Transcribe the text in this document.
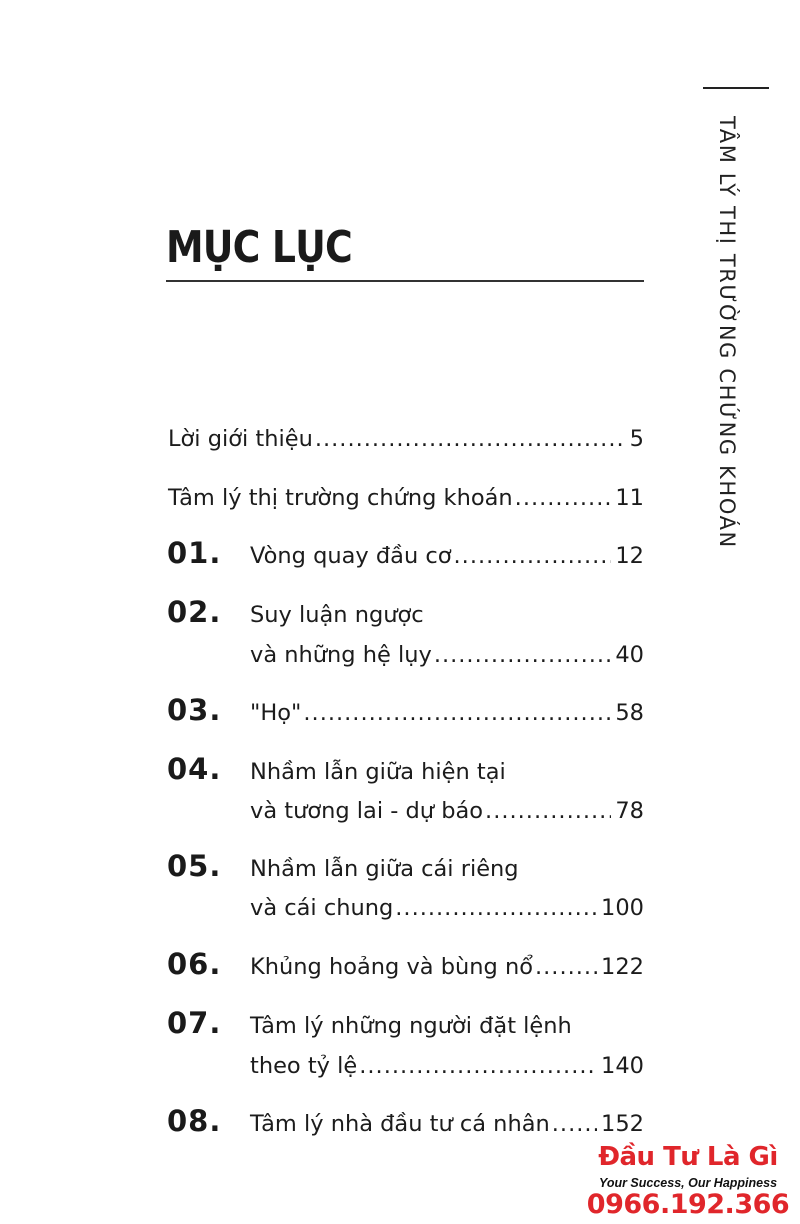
TÂM LÝ THỊ TRƯỜNG CHỨNG KHOÁN
MỤC LỤC
Lời giới thiệu .....	5
Tâm lý thị trường chứng khoán .....	11
01. Vòng quay đầu cơ .....	12
02. Suy luận ngược
và những hệ lụy .....	40
03. "Họ" .....	58
04. Nhầm lẫn giữa hiện tại
và tương lai - dự báo .....	78
05. Nhầm lẫn giữa cái riêng
và cái chung .....	100
06. Khủng hoảng và bùng nổ .....	122
07. Tâm lý những người đặt lệnh
theo tỷ lệ .....	140
08. Tâm lý nhà đầu tư cá nhân ..... 152
Đầu Tư Là Gì
Your Success, Our Happiness
0966.192.366
